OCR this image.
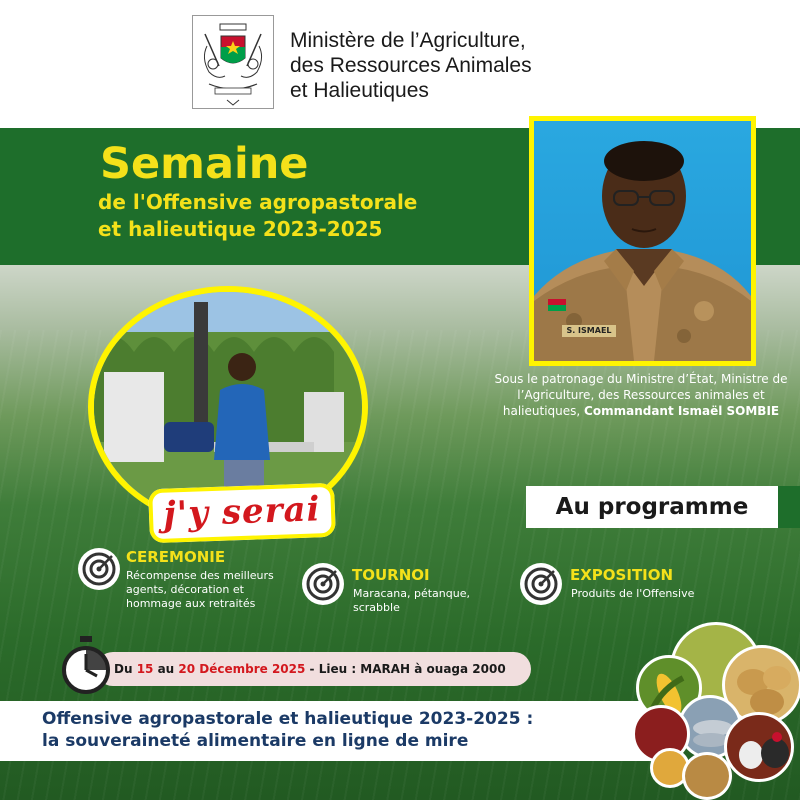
Ministère de l’Agriculture,
des Ressources Animales
et Halieutiques
Semaine
de l'Offensive agropastorale
et halieutique 2023-2025
S. ISMAEL
Sous le patronage du Ministre d’État, Ministre de l’Agriculture, des Ressources animales et halieutiques, Commandant Ismaël SOMBIE
j'y serai	Au programme
CEREMONIE
Récompense des meilleurs
agents, décoration et
hommage aux retraités
TOURNOI
Maracana, pétanque,
scrabble
EXPOSITION
Produits de l'Offensive
Du 15 au 20 Décembre 2025 - Lieu : MARAH à ouaga 2000
Offensive agropastorale et halieutique 2023-2025 :
la souveraineté alimentaire en ligne de mire
